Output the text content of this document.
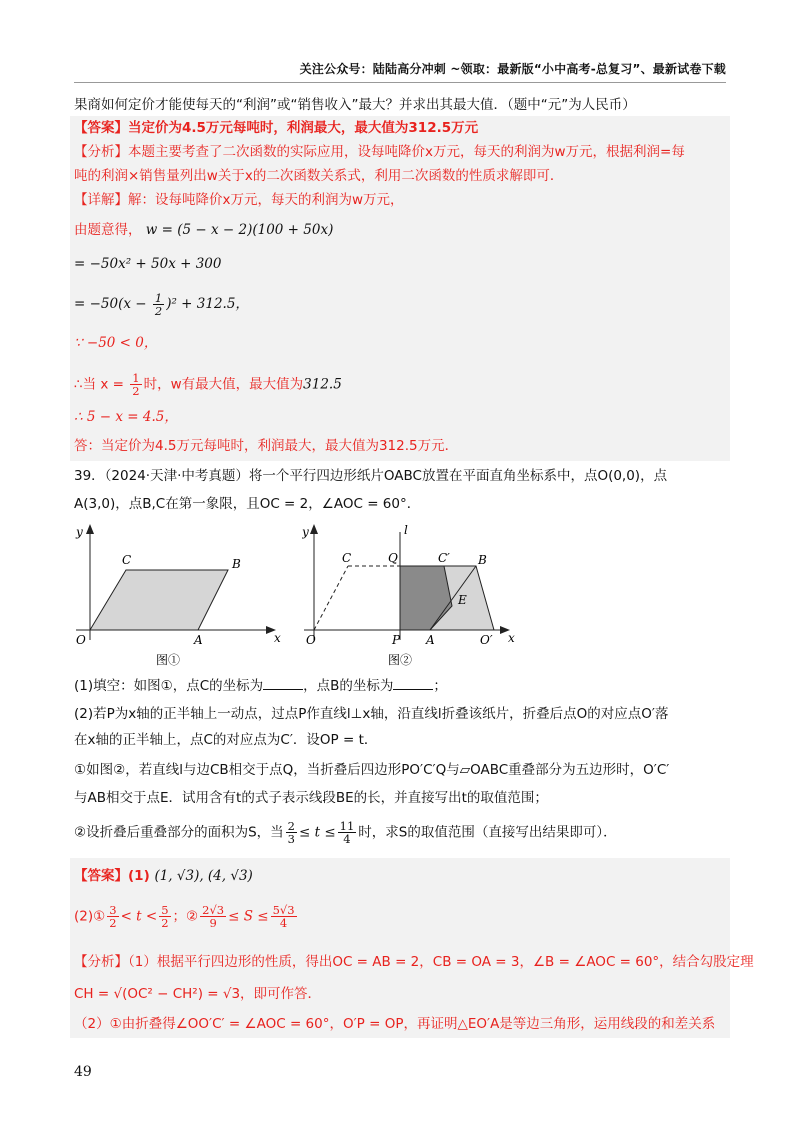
关注公众号：陆陆高分冲刺 ~领取：最新版“小中高考-总复习”、最新试卷下载
果商如何定价才能使每天的“利润”或“销售收入”最大？并求出其最大值．（题中“元”为人民币）
【答案】当定价为4.5万元每吨时，利润最大，最大值为312.5万元
【分析】本题主要考查了二次函数的实际应用，设每吨降价x万元，每天的利润为w万元，根据利润=每
吨的利润×销售量列出w关于x的二次函数关系式，利用二次函数的性质求解即可．
【详解】解：设每吨降价x万元，每天的利润为w万元，
由题意得， w = (5 − x − 2)(100 + 50x)
= −50x² + 50x + 300
= $-50(x - \frac{1}{2} )^2 + 312.5$，
∵ −50 < 0，
∴当 $x = \frac{1}{2}$ 时，w有最大值，最大值为312.5
∴ 5 − x = 4.5，
答：当定价为4.5万元每吨时，利润最大，最大值为312.5万元．
39．（2024·天津·中考真题）将一个平行四边形纸片OABC放置在平面直角坐标系中，点O(0,0)，点
A(3,0)，点B,C在第一象限，且OC = 2，∠AOC = 60°．
y
x
O	A
C	B
图①
y
x
l
O
C	Q	C′ B
E
P A	O′
图②
(1)填空：如图①，点C的坐标为	，点B的坐标为	；
(2)若P为x轴的正半轴上一动点，过点P作直线l⊥x轴，沿直线l折叠该纸片，折叠后点O的对应点O′落
在x轴的正半轴上，点C的对应点为C′．设OP = t．
①如图②，若直线l与边CB相交于点Q，当折叠后四边形PO′C′Q与▱OABC重叠部分为五边形时，O′C′
与AB相交于点E．试用含有t的式子表示线段BE的长，并直接写出t的取值范围；
②设折叠后重叠部分的面积为S，当 $\frac{2}{3} \le t \le \frac{11}{4}$ 时，求S的取值范围（直接写出结果即可）．
【答案】(1) (1, √3), (4, √3)
(2)① $\frac{3}{2} < t < \frac{5}{2}$ ；② $\frac{2√3}{9} \le S \le \frac{5√3}{4}$
【分析】（1）根据平行四边形的性质，得出OC = AB = 2，CB = OA = 3，∠B = ∠AOC = 60°，结合勾股定理
CH = √(OC² − CH²) = √3，即可作答．
（2）①由折叠得∠OO′C′ = ∠AOC = 60°，O′P = OP，再证明△EO′A是等边三角形，运用线段的和差关系
49
